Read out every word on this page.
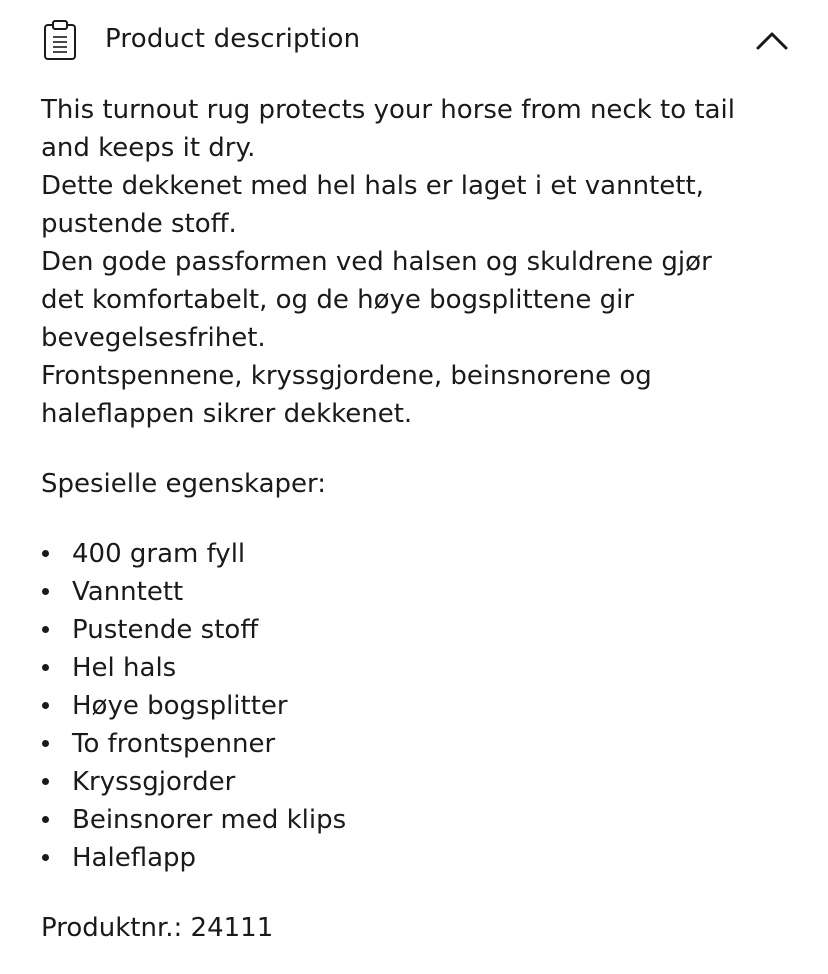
Product description

This turnout rug protects your horse from neck to tail

and keeps it dry.

Dette dekkenet med hel hals er laget i et vanntett,

pustende stoff.

Den gode passformen ved halsen og skuldrene gjør

det komfortabelt, og de høye bogsplittene gir

bevegelsesfrihet.

Frontspennene, kryssgjordene, beinsnorene og

haleflappen sikrer dekkenet.

Spesielle egenskaper:

400 gram fyll
Vanntett
Pustende stoff
Hel hals
Høye bogsplitter
To frontspenner
Kryssgjorder
Beinsnorer med klips
Haleflapp

Produktnr.: 24111
